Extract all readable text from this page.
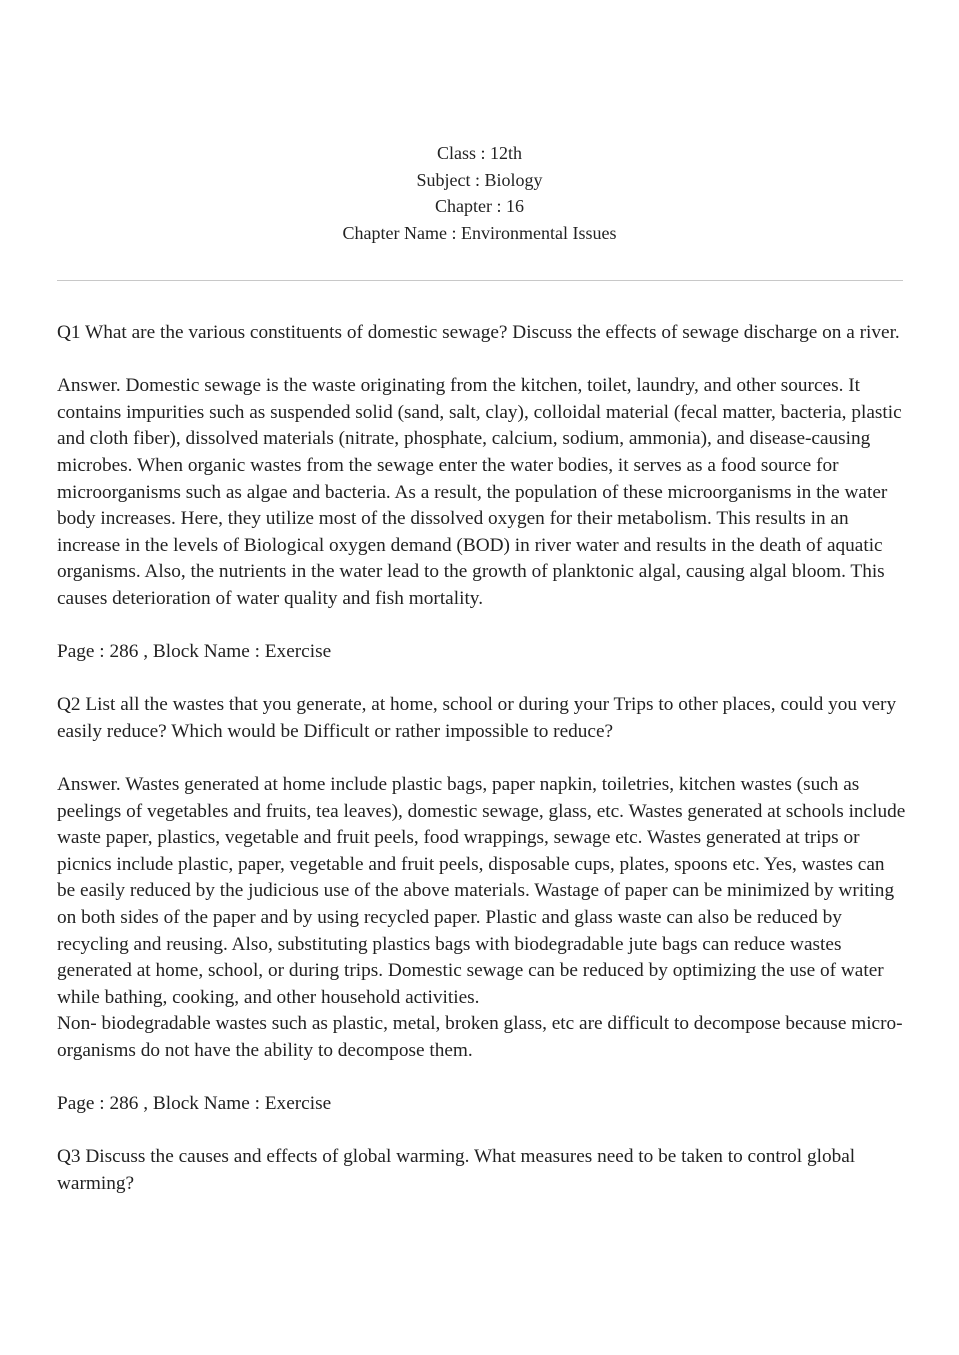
Class : 12th
Subject : Biology
Chapter : 16
Chapter Name : Environmental Issues

Q1 What are the various constituents of domestic sewage? Discuss the effects of sewage discharge on a river.

Answer. Domestic sewage is the waste originating from the kitchen, toilet, laundry, and other sources. It contains impurities such as suspended solid (sand, salt, clay), colloidal material (fecal matter, bacteria, plastic and cloth fiber), dissolved materials (nitrate, phosphate, calcium, sodium, ammonia), and disease-causing microbes. When organic wastes from the sewage enter the water bodies, it serves as a food source for microorganisms such as algae and bacteria. As a result, the population of these microorganisms in the water body increases. Here, they utilize most of the dissolved oxygen for their metabolism. This results in an increase in the levels of Biological oxygen demand (BOD) in river water and results in the death of aquatic organisms. Also, the nutrients in the water lead to the growth of planktonic algal, causing algal bloom. This causes deterioration of water quality and fish mortality.

Page : 286 , Block Name : Exercise

Q2 List all the wastes that you generate, at home, school or during your Trips to other places, could you very easily reduce? Which would be Difficult or rather impossible to reduce?

Answer. Wastes generated at home include plastic bags, paper napkin, toiletries, kitchen wastes (such as peelings of vegetables and fruits, tea leaves), domestic sewage, glass, etc. Wastes generated at schools include waste paper, plastics, vegetable and fruit peels, food wrappings, sewage etc. Wastes generated at trips or picnics include plastic, paper, vegetable and fruit peels, disposable cups, plates, spoons etc. Yes, wastes can be easily reduced by the judicious use of the above materials. Wastage of paper can be minimized by writing on both sides of the paper and by using recycled paper. Plastic and glass waste can also be reduced by recycling and reusing. Also, substituting plastics bags with biodegradable jute bags can reduce wastes generated at home, school, or during trips. Domestic sewage can be reduced by optimizing the use of water while bathing, cooking, and other household activities.

Non- biodegradable wastes such as plastic, metal, broken glass, etc are difficult to decompose because micro-organisms do not have the ability to decompose them.

Page : 286 , Block Name : Exercise

Q3 Discuss the causes and effects of global warming. What measures need to be taken to control global warming?
